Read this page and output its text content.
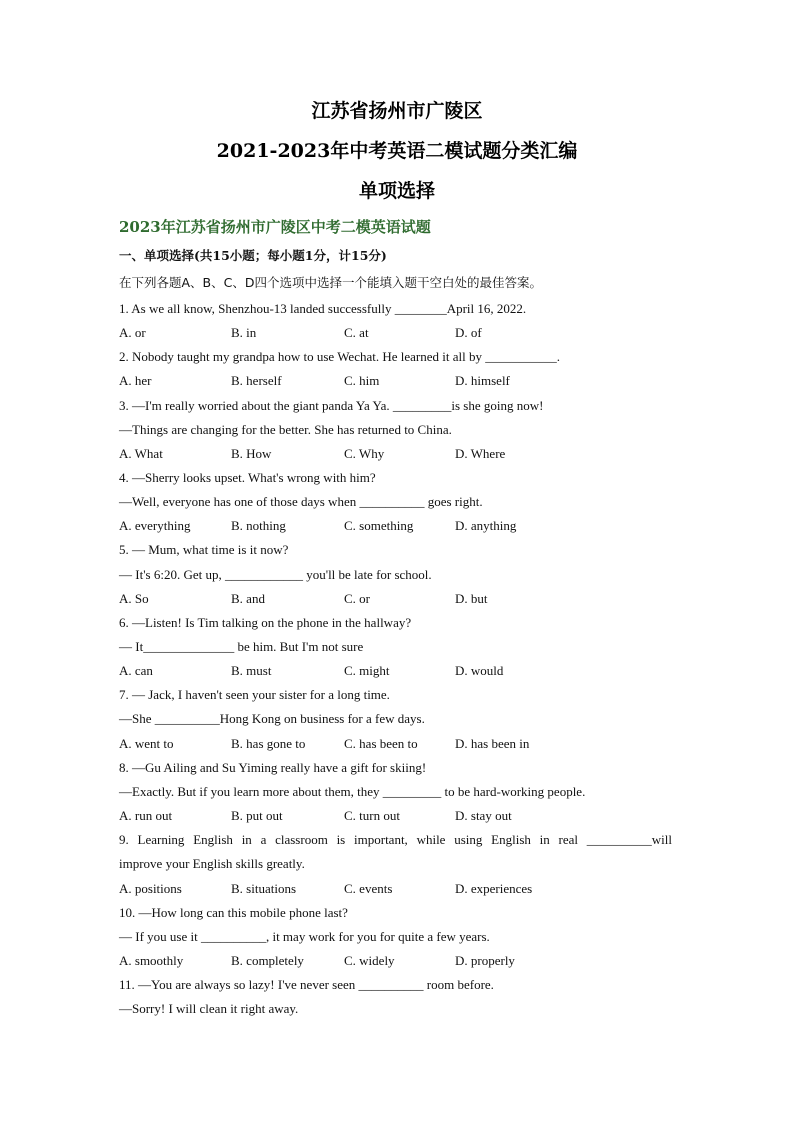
江苏省扬州市广陵区
2021-2023年中考英语二模试题分类汇编
单项选择
2023年江苏省扬州市广陵区中考二模英语试题
一、单项选择(共15小题；每小题1分，计15分)
在下列各题A、B、C、D四个选项中选择一个能填入题干空白处的最佳答案。
1. As we all know, Shenzhou-13 landed successfully ________April 16, 2022.
A. or	B. in	C. at	D. of
2. Nobody taught my grandpa how to use Wechat. He learned it all by ___________.
A. her	B. herself	C. him	D. himself
3. —I'm really worried about the giant panda Ya Ya. _________is she going now!
—Things are changing for the better. She has returned to China.
A. What	B. How	C. Why	D. Where
4. —Sherry looks upset. What's wrong with him?
—Well, everyone has one of those days when __________ goes right.
A. everything	B. nothing	C. something	D. anything
5. — Mum, what time is it now?
— It's 6:20. Get up, ____________ you'll be late for school.
A. So	B. and	C. or	D. but
6. —Listen! Is Tim talking on the phone in the hallway?
— It______________ be him. But I'm not sure
A. can	B. must	C. might	D. would
7. — Jack, I haven't seen your sister for a long time.
—She __________Hong Kong on business for a few days.
A. went to	B. has gone to	C. has been to	D. has been in
8. —Gu Ailing and Su Yiming really have a gift for skiing!
—Exactly. But if you learn more about them, they _________ to be hard-working people.
A. run out	B. put out	C. turn out	D. stay out
9. Learning English in a classroom is important, while using English in real __________will
improve your English skills greatly.
A. positions	B. situations	C. events	D. experiences
10. —How long can this mobile phone last?
— If you use it __________, it may work for you for quite a few years.
A. smoothly	B. completely	C. widely	D. properly
11. —You are always so lazy! I've never seen __________ room before.
—Sorry! I will clean it right away.
